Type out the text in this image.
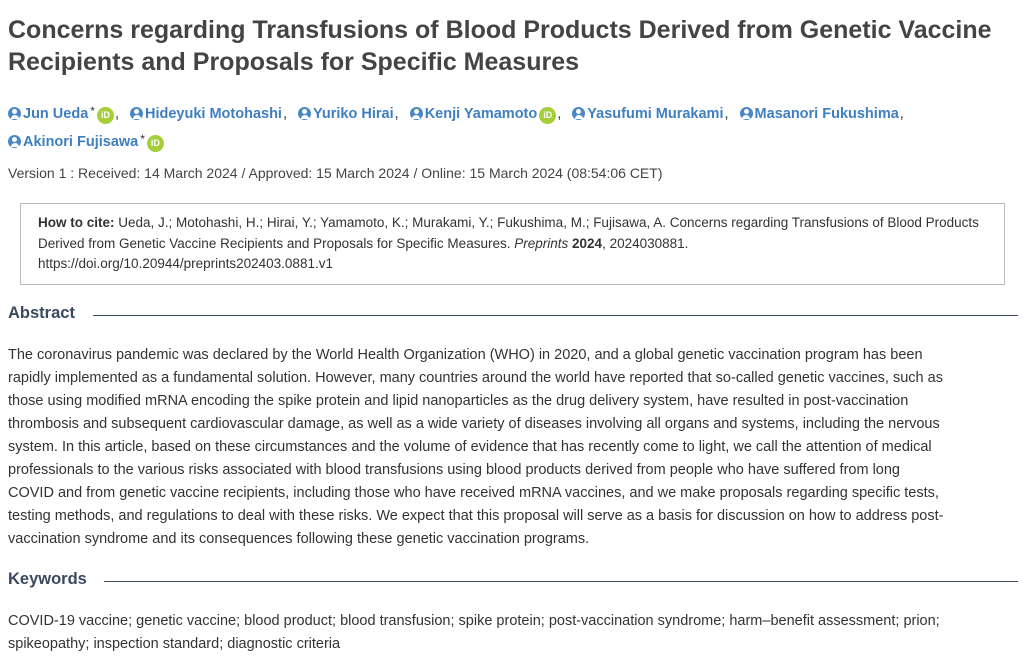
Concerns regarding Transfusions of Blood Products Derived from Genetic Vaccine Recipients and Proposals for Specific Measures
Jun Ueda * iD , Hideyuki Motohashi, Yuriko Hirai, Kenji Yamamoto iD , Yasufumi Murakami, Masanori Fukushima, Akinori Fujisawa * iD
Version 1 : Received: 14 March 2024 / Approved: 15 March 2024 / Online: 15 March 2024 (08:54:06 CET)
How to cite: Ueda, J.; Motohashi, H.; Hirai, Y.; Yamamoto, K.; Murakami, Y.; Fukushima, M.; Fujisawa, A. Concerns regarding Transfusions of Blood Products Derived from Genetic Vaccine Recipients and Proposals for Specific Measures. Preprints 2024, 2024030881. https://doi.org/10.20944/preprints202403.0881.v1
Abstract
The coronavirus pandemic was declared by the World Health Organization (WHO) in 2020, and a global genetic vaccination program has been
rapidly implemented as a fundamental solution. However, many countries around the world have reported that so-called genetic vaccines, such as
those using modified mRNA encoding the spike protein and lipid nanoparticles as the drug delivery system, have resulted in post-vaccination
thrombosis and subsequent cardiovascular damage, as well as a wide variety of diseases involving all organs and systems, including the nervous
system. In this article, based on these circumstances and the volume of evidence that has recently come to light, we call the attention of medical
professionals to the various risks associated with blood transfusions using blood products derived from people who have suffered from long
COVID and from genetic vaccine recipients, including those who have received mRNA vaccines, and we make proposals regarding specific tests,
testing methods, and regulations to deal with these risks. We expect that this proposal will serve as a basis for discussion on how to address post-
vaccination syndrome and its consequences following these genetic vaccination programs.
Keywords

COVID-19 vaccine; genetic vaccine; blood product; blood transfusion; spike protein; post-vaccination syndrome; harm–benefit assessment; prion; spikeopathy; inspection standard; diagnostic criteria
